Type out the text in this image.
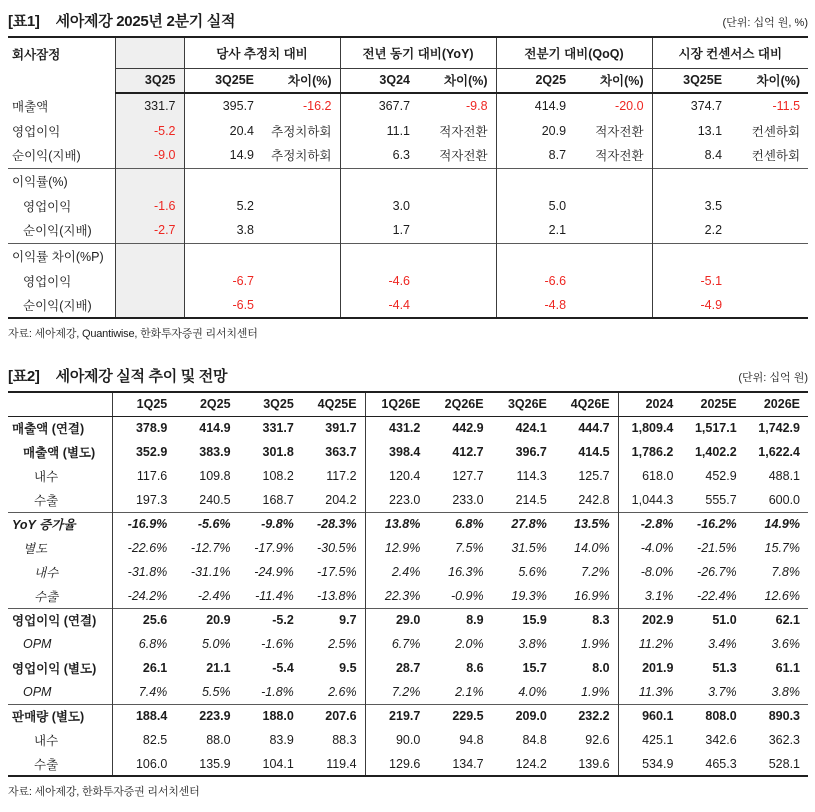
[표1] 세아제강 2025년 2분기 실적	(단위: 십억 원, %)
회사잠정		당사 추정치 대비		전년 동기 대비(YoY)		전분기 대비(QoQ)		시장 컨센서스 대비	
	3Q25	3Q25E	차이(%)	3Q24	차이(%)	2Q25	차이(%)	3Q25E	차이(%)
매출액	331.7	395.7	-16.2	367.7	-9.8	414.9	-20.0	374.7	-11.5
영업이익	-5.2	20.4	추정치하회	11.1	적자전환	20.9	적자전환	13.1	컨센하회
순이익(지배)	-9.0	14.9	추정치하회	6.3	적자전환	8.7	적자전환	8.4	컨센하회
이익률(%)									
영업이익	-1.6	5.2		3.0		5.0		3.5	
순이익(지배)	-2.7	3.8		1.7		2.1		2.2	
이익률 차이(%P)									
영업이익		-6.7		-4.6		-6.6		-5.1	
순이익(지배)		-6.5		-4.4		-4.8		-4.9	
자료: 세아제강, Quantiwise, 한화투자증권 리서치센터
[표2] 세아제강 실적 추이 및 전망	(단위: 십억 원)
	1Q25	2Q25	3Q25	4Q25E	1Q26E	2Q26E	3Q26E	4Q26E	2024	2025E	2026E
매출액 (연결)	378.9	414.9	331.7	391.7	431.2	442.9	424.1	444.7	1,809.4	1,517.1	1,742.9
매출액 (별도)	352.9	383.9	301.8	363.7	398.4	412.7	396.7	414.5	1,786.2	1,402.2	1,622.4
내수	117.6	109.8	108.2	117.2	120.4	127.7	114.3	125.7	618.0	452.9	488.1
수출	197.3	240.5	168.7	204.2	223.0	233.0	214.5	242.8	1,044.3	555.7	600.0
YoY 증가율	-16.9%	-5.6%	-9.8%	-28.3%	13.8%	6.8%	27.8%	13.5%	-2.8%	-16.2%	14.9%
별도	-22.6%	-12.7%	-17.9%	-30.5%	12.9%	7.5%	31.5%	14.0%	-4.0%	-21.5%	15.7%
내수	-31.8%	-31.1%	-24.9%	-17.5%	2.4%	16.3%	5.6%	7.2%	-8.0%	-26.7%	7.8%
수출	-24.2%	-2.4%	-11.4%	-13.8%	22.3%	-0.9%	19.3%	16.9%	3.1%	-22.4%	12.6%
영업이익 (연결)	25.6	20.9	-5.2	9.7	29.0	8.9	15.9	8.3	202.9	51.0	62.1
OPM	6.8%	5.0%	-1.6%	2.5%	6.7%	2.0%	3.8%	1.9%	11.2%	3.4%	3.6%
영업이익 (별도)	26.1	21.1	-5.4	9.5	28.7	8.6	15.7	8.0	201.9	51.3	61.1
OPM	7.4%	5.5%	-1.8%	2.6%	7.2%	2.1%	4.0%	1.9%	11.3%	3.7%	3.8%
판매량 (별도)	188.4	223.9	188.0	207.6	219.7	229.5	209.0	232.2	960.1	808.0	890.3
내수	82.5	88.0	83.9	88.3	90.0	94.8	84.8	92.6	425.1	342.6	362.3
수출	106.0	135.9	104.1	119.4	129.6	134.7	124.2	139.6	534.9	465.3	528.1
자료: 세아제강, 한화투자증권 리서치센터
